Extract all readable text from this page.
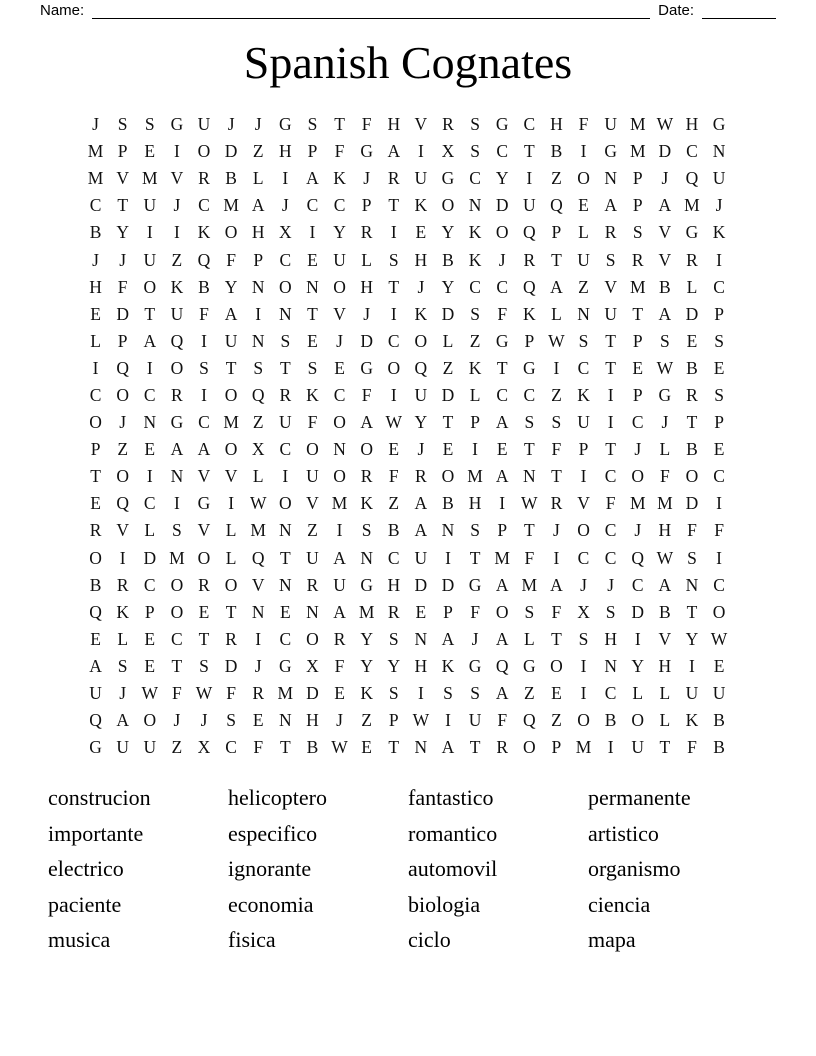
Name:	Date:
Spanish Cognates
J	S S G U J	J G S T F H V R S G C H F U M W H G
M P E	I	O D Z H P F G A	I	X S C T B	I	G M D C N
M V M V R B L	I	A K J	R U G C Y	I	Z O N P	J Q U
C T U J	C M A J	C C P T K O N D U Q E A P A M J
B Y	I	I	K O H X	I	Y R	I	E Y K O Q P L R S V G K
J	J U Z Q F P C E U L S H B K J	R T U S R V R	I
H F O K B Y N O N O H T	J Y C C Q A Z V M B L C
E D T U F A	I	N T V J	I	K D S F K L N U T A D P
L P A Q	I	U N S E	J D C O L Z G P W S T P S E S
I	Q	I	O S T S T S E G O Q Z K T G	I	C T E W B E
C O C R	I	O Q R K C F	I	U D L C C Z K	I	P G R S
O J N G C M Z U F O A W Y T P A S S U	I	C	J	T P
P Z E A A O X C O N O E	J	E	I	E T F P T	J	L B E
T O	I	N V V L	I	U O R F R O M A N T	I	C O F O C
E Q C	I	G	I W O V M K Z A B H	I W R V F M M D	I
R V L S V L M N Z	I	S B A N S P T	J O C	J H F F
O	I	D M O L Q T U A N C U	I	T M F	I	C C Q W S	I
B R C O R O V N R U G H D D G A M A J	J	C A N C
Q K P O E T N E N A M R E P F O S F X S D B T O
E L E C T R	I	C O R Y S N A J A L T S H	I	V Y W
A S E T S D J G X F Y Y H K G Q G O	I	N Y H	I	E
U J W F W F R M D E K S	I	S S A Z E	I	C L L U U
Q A O J	J	S E N H J	Z P W I	U F Q Z O B O L K B
G U U Z X C F T B W E T N A T R O P M I	U T F B
construcion
importante
electrico
paciente
musica
helicoptero
especifico
ignorante
economia
fisica
fantastico
romantico
automovil
biologia
ciclo
permanente
artistico
organismo
ciencia
mapa
